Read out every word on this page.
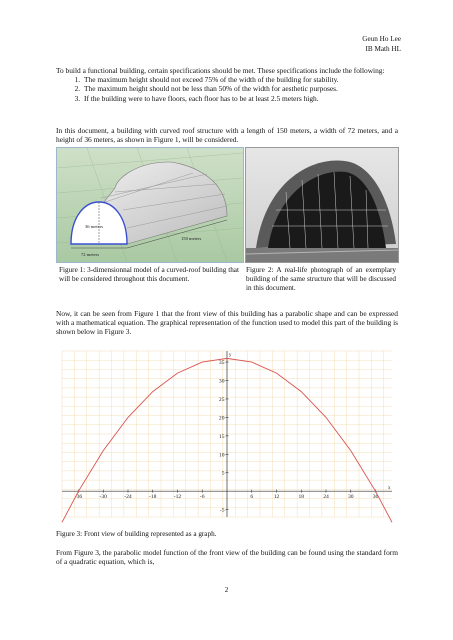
Geun Ho Lee
IB Math HL
To build a functional building, certain specifications should be met. These specifications include the following:
1. The maximum height should not exceed 75% of the width of the building for stability.
2. The maximum height should not be less than 50% of the width for aesthetic purposes.
3. If the building were to have floors, each floor has to be at least 2.5 meters high.
In this document, a building with curved roof structure with a length of 150 meters, a width of 72 meters, and a height of 36 meters, as shown in Figure 1, will be considered.
36 meters
150 meters
72 meters
Figure 1: 3-dimensionnal model of a curved-roof building that will be considered throughout this document.
Figure 2: A real-life photograph of an exemplary building of the same structure that will be discussed in this document.
Now, it can be seen from Figure 1 that the front view of this building has a parabolic shape and can be expressed with a mathematical equation. The graphical representation of the function used to model this part of the building is shown below in Figure 3.
x
y
-36	-30	-24	-18	-12	-6	6	12	18	24	30	36
-5
5
10
15
20
25
30
35
Figure 3: Front view of building represented as a graph.
From Figure 3, the parabolic model function of the front view of the building can be found using the standard form of a quadratic equation, which is,
2
